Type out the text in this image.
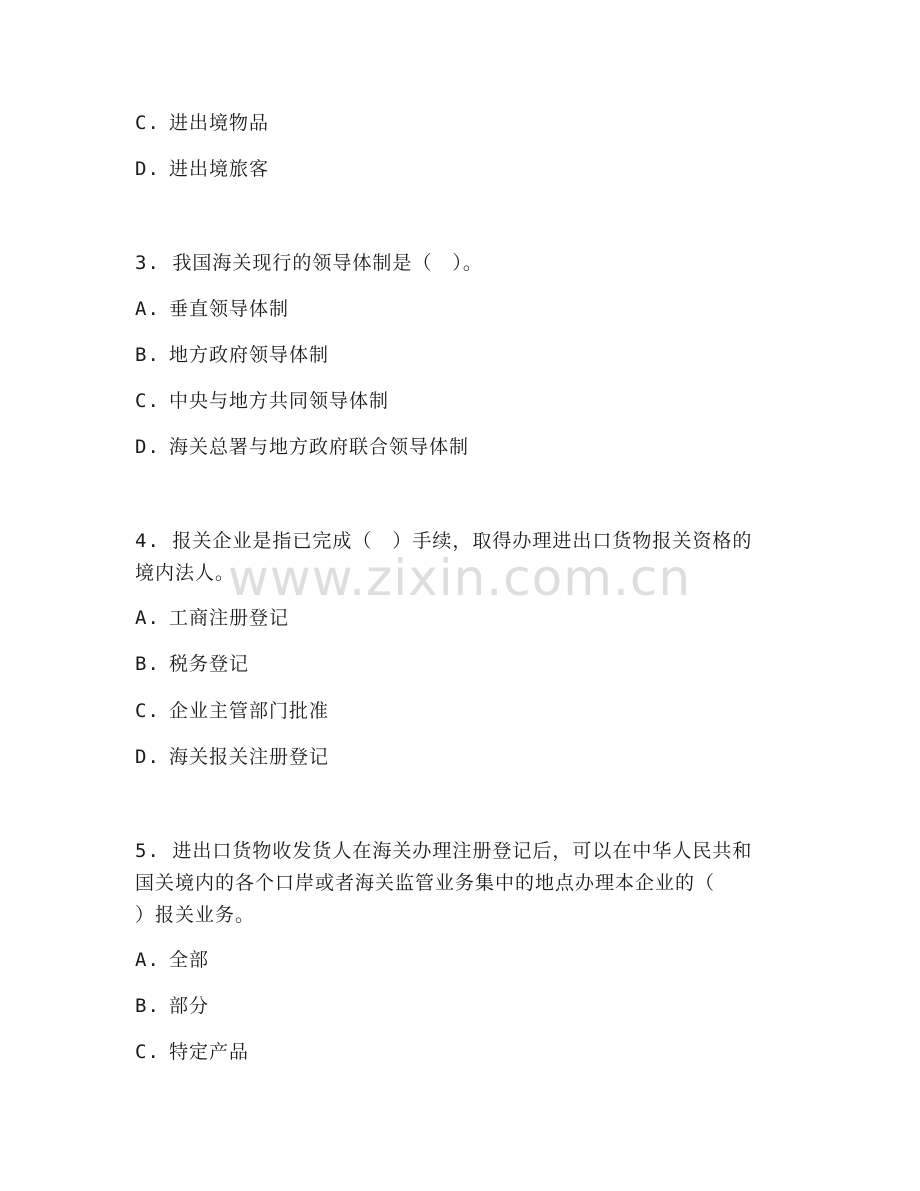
C. 进出境物品
D. 进出境旅客
3. 我国海关现行的领导体制是（　）。
A. 垂直领导体制
B. 地方政府领导体制
C. 中央与地方共同领导体制
D. 海关总署与地方政府联合领导体制
4. 报关企业是指已完成（　）手续，取得办理进出口货物报关资格的
境内法人。
A. 工商注册登记
B. 税务登记
C. 企业主管部门批准
D. 海关报关注册登记
5. 进出口货物收发货人在海关办理注册登记后，可以在中华人民共和
国关境内的各个口岸或者海关监管业务集中的地点办理本企业的（
）报关业务。
A. 全部
B. 部分
C. 特定产品
www.zixin.com.cn
